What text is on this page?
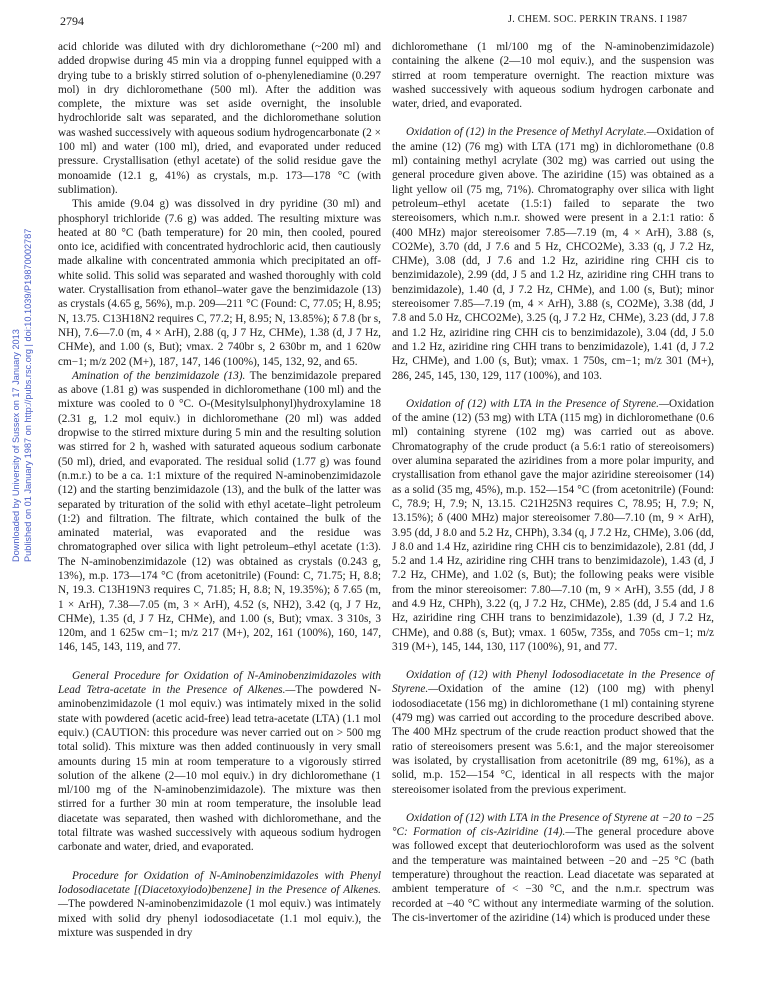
2794	J. CHEM. SOC. PERKIN TRANS. I 1987
Downloaded by University of Sussex on 17 January 2013 Published on 01 January 1987 on http://pubs.rsc.org | doi:10.1039/P19870002787

acid chloride was diluted with dry dichloromethane (~200 ml) and added dropwise during 45 min via a dropping funnel equipped with a drying tube to a briskly stirred solution of o-phenylenediamine (0.297 mol) in dry dichloromethane (500 ml). After the addition was complete, the mixture was set aside overnight, the insoluble hydrochloride salt was separated, and the dichloromethane solution was washed successively with aqueous sodium hydrogencarbonate (2 × 100 ml) and water (100 ml), dried, and evaporated under reduced pressure. Crystallisation (ethyl acetate) of the solid residue gave the monoamide (12.1 g, 41%) as crystals, m.p. 173—178 °C (with sublimation).

This amide (9.04 g) was dissolved in dry pyridine (30 ml) and phosphoryl trichloride (7.6 g) was added. The resulting mixture was heated at 80 °C (bath temperature) for 20 min, then cooled, poured onto ice, acidified with concentrated hydrochloric acid, then cautiously made alkaline with concentrated ammonia which precipitated an off-white solid. This solid was separated and washed thoroughly with cold water. Crystallisation from ethanol–water gave the benzimidazole (13) as crystals (4.65 g, 56%), m.p. 209—211 °C (Found: C, 77.05; H, 8.95; N, 13.75. C13H18N2 requires C, 77.2; H, 8.95; N, 13.85%); δ 7.8 (br s, NH), 7.6—7.0 (m, 4 × ArH), 2.88 (q, J 7 Hz, CHMe), 1.38 (d, J 7 Hz, CHMe), and 1.00 (s, But); νmax. 2 740br s, 2 630br m, and 1 620w cm−1; m/z 202 (M+), 187, 147, 146 (100%), 145, 132, 92, and 65.

Amination of the benzimidazole (13). The benzimidazole prepared as above (1.81 g) was suspended in dichloromethane (100 ml) and the mixture was cooled to 0 °C. O-(Mesitylsulphonyl)hydroxylamine 18 (2.31 g, 1.2 mol equiv.) in dichloromethane (20 ml) was added dropwise to the stirred mixture during 5 min and the resulting solution was stirred for 2 h, washed with saturated aqueous sodium carbonate (50 ml), dried, and evaporated. The residual solid (1.77 g) was found (n.m.r.) to be a ca. 1:1 mixture of the required N-aminobenzimidazole (12) and the starting benzimidazole (13), and the bulk of the latter was separated by trituration of the solid with ethyl acetate–light petroleum (1:2) and filtration. The filtrate, which contained the bulk of the aminated material, was evaporated and the residue was chromatographed over silica with light petroleum–ethyl acetate (1:3). The N-aminobenzimidazole (12) was obtained as crystals (0.243 g, 13%), m.p. 173—174 °C (from acetonitrile) (Found: C, 71.75; H, 8.8; N, 19.3. C13H19N3 requires C, 71.85; H, 8.8; N, 19.35%); δ 7.65 (m, 1 × ArH), 7.38—7.05 (m, 3 × ArH), 4.52 (s, NH2), 3.42 (q, J 7 Hz, CHMe), 1.35 (d, J 7 Hz, CHMe), and 1.00 (s, But); νmax. 3 310s, 3 120m, and 1 625w cm−1; m/z 217 (M+), 202, 161 (100%), 160, 147, 146, 145, 143, 119, and 77.

General Procedure for Oxidation of N-Aminobenzimidazoles with Lead Tetra-acetate in the Presence of Alkenes.—The powdered N-aminobenzimidazole (1 mol equiv.) was intimately mixed in the solid state with powdered (acetic acid-free) lead tetra-acetate (LTA) (1.1 mol equiv.) (CAUTION: this procedure was never carried out on > 500 mg total solid). This mixture was then added continuously in very small amounts during 15 min at room temperature to a vigorously stirred solution of the alkene (2—10 mol equiv.) in dry dichloromethane (1 ml/100 mg of the N-aminobenzimidazole). The mixture was then stirred for a further 30 min at room temperature, the insoluble lead diacetate was separated, then washed with dichloromethane, and the total filtrate was washed successively with aqueous sodium hydrogen carbonate and water, dried, and evaporated.

Procedure for Oxidation of N-Aminobenzimidazoles with Phenyl Iodosodiacetate [(Diacetoxyiodo)benzene] in the Presence of Alkenes.—The powdered N-aminobenzimidazole (1 mol equiv.) was intimately mixed with solid dry phenyl iodosodiacetate (1.1 mol equiv.), the mixture was suspended in dry

dichloromethane (1 ml/100 mg of the N-aminobenzimidazole) containing the alkene (2—10 mol equiv.), and the suspension was stirred at room temperature overnight. The reaction mixture was washed successively with aqueous sodium hydrogen carbonate and water, dried, and evaporated.

Oxidation of (12) in the Presence of Methyl Acrylate.—Oxidation of the amine (12) (76 mg) with LTA (171 mg) in dichloromethane (0.8 ml) containing methyl acrylate (302 mg) was carried out using the general procedure given above. The aziridine (15) was obtained as a light yellow oil (75 mg, 71%). Chromatography over silica with light petroleum–ethyl acetate (1.5:1) failed to separate the two stereoisomers, which n.m.r. showed were present in a 2.1:1 ratio: δ (400 MHz) major stereoisomer 7.85—7.19 (m, 4 × ArH), 3.88 (s, CO2Me), 3.70 (dd, J 7.6 and 5 Hz, CHCO2Me), 3.33 (q, J 7.2 Hz, CHMe), 3.08 (dd, J 7.6 and 1.2 Hz, aziridine ring CHH cis to benzimidazole), 2.99 (dd, J 5 and 1.2 Hz, aziridine ring CHH trans to benzimidazole), 1.40 (d, J 7.2 Hz, CHMe), and 1.00 (s, But); minor stereoisomer 7.85—7.19 (m, 4 × ArH), 3.88 (s, CO2Me), 3.38 (dd, J 7.8 and 5.0 Hz, CHCO2Me), 3.25 (q, J 7.2 Hz, CHMe), 3.23 (dd, J 7.8 and 1.2 Hz, aziridine ring CHH cis to benzimidazole), 3.04 (dd, J 5.0 and 1.2 Hz, aziridine ring CHH trans to benzimidazole), 1.41 (d, J 7.2 Hz, CHMe), and 1.00 (s, But); νmax. 1 750s, cm−1; m/z 301 (M+), 286, 245, 145, 130, 129, 117 (100%), and 103.

Oxidation of (12) with LTA in the Presence of Styrene.—Oxidation of the amine (12) (53 mg) with LTA (115 mg) in dichloromethane (0.6 ml) containing styrene (102 mg) was carried out as above. Chromatography of the crude product (a 5.6:1 ratio of stereoisomers) over alumina separated the aziridines from a more polar impurity, and crystallisation from ethanol gave the major aziridine stereoisomer (14) as a solid (35 mg, 45%), m.p. 152—154 °C (from acetonitrile) (Found: C, 78.9; H, 7.9; N, 13.15. C21H25N3 requires C, 78.95; H, 7.9; N, 13.15%); δ (400 MHz) major stereoisomer 7.80—7.10 (m, 9 × ArH), 3.95 (dd, J 8.0 and 5.2 Hz, CHPh), 3.34 (q, J 7.2 Hz, CHMe), 3.06 (dd, J 8.0 and 1.4 Hz, aziridine ring CHH cis to benzimidazole), 2.81 (dd, J 5.2 and 1.4 Hz, aziridine ring CHH trans to benzimidazole), 1.43 (d, J 7.2 Hz, CHMe), and 1.02 (s, But); the following peaks were visible from the minor stereoisomer: 7.80—7.10 (m, 9 × ArH), 3.55 (dd, J 8 and 4.9 Hz, CHPh), 3.22 (q, J 7.2 Hz, CHMe), 2.85 (dd, J 5.4 and 1.6 Hz, aziridine ring CHH trans to benzimidazole), 1.39 (d, J 7.2 Hz, CHMe), and 0.88 (s, But); νmax. 1 605w, 735s, and 705s cm−1; m/z 319 (M+), 145, 144, 130, 117 (100%), 91, and 77.

Oxidation of (12) with Phenyl Iodosodiacetate in the Presence of Styrene.—Oxidation of the amine (12) (100 mg) with phenyl iodosodiacetate (156 mg) in dichloromethane (1 ml) containing styrene (479 mg) was carried out according to the procedure described above. The 400 MHz spectrum of the crude reaction product showed that the ratio of stereoisomers present was 5.6:1, and the major stereoisomer was isolated, by crystallisation from acetonitrile (89 mg, 61%), as a solid, m.p. 152—154 °C, identical in all respects with the major stereoisomer isolated from the previous experiment.

Oxidation of (12) with LTA in the Presence of Styrene at −20 to −25 °C: Formation of cis-Aziridine (14).—The general procedure above was followed except that deuteriochloroform was used as the solvent and the temperature was maintained between −20 and −25 °C (bath temperature) throughout the reaction. Lead diacetate was separated at ambient temperature of < −30 °C, and the n.m.r. spectrum was recorded at −40 °C without any intermediate warming of the solution. The cis-invertomer of the aziridine (14) which is produced under these
